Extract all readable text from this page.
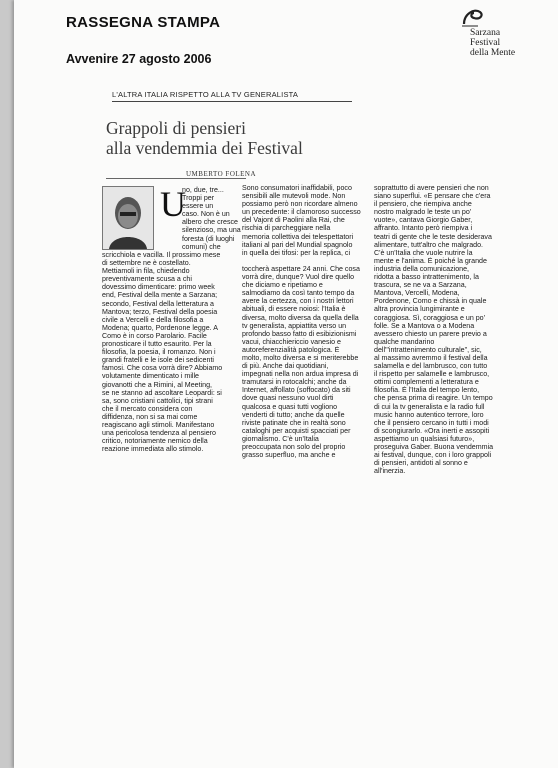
RASSEGNA STAMPA
Avvenire 27 agosto 2006
Sarzana
Festival
della Mente
L'ALTRA ITALIA RISPETTO ALLA TV GENERALISTA
Grappoli di pensieri
alla vendemmia dei Festival
UMBERTO FOLENA
U
no, due, tre...
Troppi per
essere un
caso. Non è un
albero che cresce
silenzioso, ma una
foresta (di luoghi
comuni) che
scricchiola e vacilla. Il prossimo mese
di settembre ne è costellato.
Mettiamoli in fila, chiedendo
preventivamente scusa a chi
dovessimo dimenticare: primo week
end, Festival della mente a Sarzana;
secondo, Festival della letteratura a
Mantova; terzo, Festival della poesia
civile a Vercelli e della filosofia a
Modena; quarto, Pordenone legge. A
Como è in corso Parolario. Facile
pronosticare il tutto esaurito. Per la
filosofia, la poesia, il romanzo. Non i
grandi fratelli e le isole dei sedicenti
famosi. Che cosa vorrà dire? Abbiamo
volutamente dimenticato i mille
giovanotti che a Rimini, al Meeting,
se ne stanno ad ascoltare Leopardi: si
sa, sono cristiani cattolici, tipi strani
che il mercato considera con
diffidenza, non si sa mai come
reagiscano agli stimoli. Manifestano
una pericolosa tendenza al pensiero
critico, notoriamente nemico della
reazione immediata allo stimolo.
Sono consumatori inaffidabili, poco
sensibili alle mutevoli mode. Non
possiamo però non ricordare almeno
un precedente: il clamoroso successo
del Vajont di Paolini alla Rai, che
rischia di parcheggiare nella
memoria collettiva dei telespettatori
italiani al pari del Mundial spagnolo
in quella dei tifosi: per la replica, ci

toccherà aspettare 24 anni. Che cosa
vorrà dire, dunque? Vuol dire quello
che diciamo e ripetiamo e
salmodiamo da così tanto tempo da
avere la certezza, con i nostri lettori
abituali, di essere noiosi: l'Italia è
diversa, molto diversa da quella della
tv generalista, appiattita verso un
profondo basso fatto di esibizionismi
vacui, chiacchiericcio vanesio e
autoreferenzialità patologica. È
molto, molto diversa e si meriterebbe
di più. Anche dai quotidiani,
impegnati nella non ardua impresa di
tramutarsi in rotocalchi; anche da
Internet, affollato (soffocato) da siti
dove quasi nessuno vuol dirti
qualcosa e quasi tutti vogliono
venderti di tutto; anche da quelle
riviste patinate che in realtà sono
cataloghi per acquisti spacciati per
giornalismo. C'è un'Italia
preoccupata non solo del proprio
grasso superfluo, ma anche e
soprattutto di avere pensieri che non
siano superflui. «E pensare che c'era
il pensiero, che riempiva anche
nostro malgrado le teste un po'
vuote», cantava Giorgio Gaber,
affranto. Intanto però riempiva i
teatri di gente che le teste desiderava
alimentare, tutt'altro che malgrado.
C'è un'Italia che vuole nutrire la
mente e l'anima. È poiché la grande
industria della comunicazione,
ridotta a basso intrattenimento, la
trascura, se ne va a Sarzana,
Mantova, Vercelli, Modena,
Pordenone, Como e chissà in quale
altra provincia lungimirante e
coraggiosa. Sì, coraggiosa e un po'
folle. Se a Mantova o a Modena
avessero chiesto un parere previo a
qualche mandarino
dell'"intrattenimento culturale", sic,
al massimo avremmo il festival della
salamella e del lambrusco, con tutto
il rispetto per salamelle e lambrusco,
ottimi complementi a letteratura e
filosofia. È l'Italia del tempo lento,
che pensa prima di reagire. Un tempo
di cui la tv generalista e la radio full
music hanno autentico terrore, loro
che il pensiero cercano in tutti i modi
di scongiurarlo. «Ora inerti e assopiti
aspettiamo un qualsiasi futuro»,
proseguiva Gaber. Buona vendemmia
ai festival, dunque, con i loro grappoli
di pensieri, antidoti al sonno e
all'inerzia.
